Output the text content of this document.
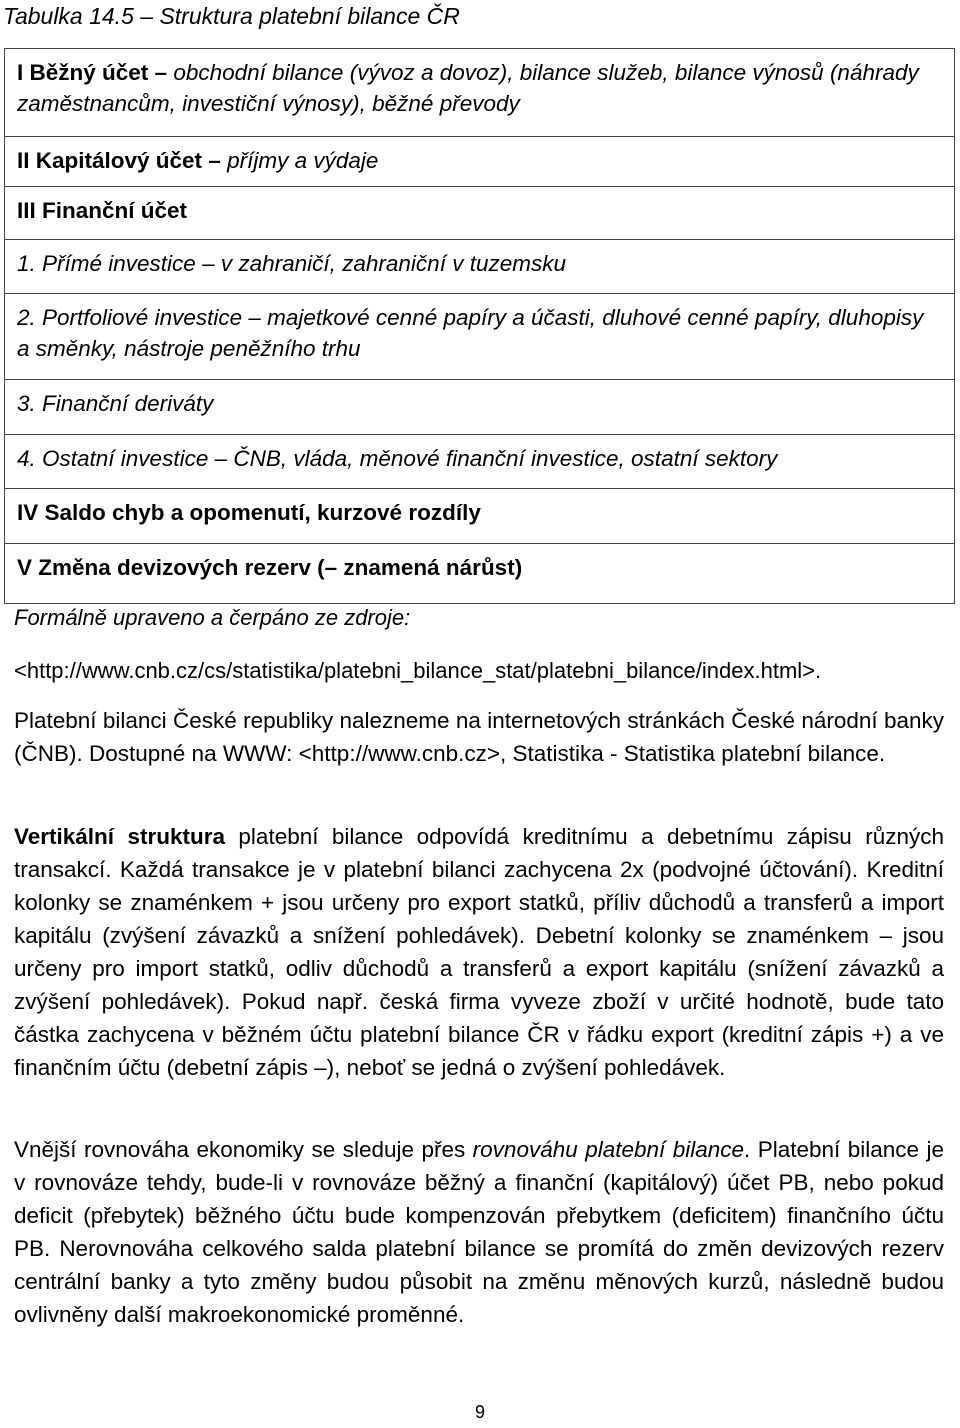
Tabulka 14.5 – Struktura platební bilance ČR
I Běžný účet – obchodní bilance (vývoz a dovoz), bilance služeb, bilance výnosů (náhrady zaměstnancům, investiční výnosy), běžné převody
II Kapitálový účet – příjmy a výdaje
III Finanční účet
1. Přímé investice – v zahraničí, zahraniční v tuzemsku
2. Portfoliové investice – majetkové cenné papíry a účasti, dluhové cenné papíry, dluhopisy a směnky, nástroje peněžního trhu
3. Finanční deriváty
4. Ostatní investice – ČNB, vláda, měnové finanční investice, ostatní sektory
IV Saldo chyb a opomenutí, kurzové rozdíly
V Změna devizových rezerv (– znamená nárůst)
Formálně upraveno a čerpáno ze zdroje:
<http://www.cnb.cz/cs/statistika/platebni_bilance_stat/platebni_bilance/index.html>.
Platební bilanci České republiky nalezneme na internetových stránkách České národní banky (ČNB). Dostupné na WWW: <http://www.cnb.cz>, Statistika - Statistika platební bilance.
Vertikální struktura platební bilance odpovídá kreditnímu a debetnímu zápisu různých transakcí. Každá transakce je v platební bilanci zachycena 2x (podvojné účtování). Kreditní kolonky se znaménkem + jsou určeny pro export statků, příliv důchodů a transferů a import kapitálu (zvýšení závazků a snížení pohledávek). Debetní kolonky se znaménkem – jsou určeny pro import statků, odliv důchodů a transferů a export kapitálu (snížení závazků a zvýšení pohledávek). Pokud např. česká firma vyveze zboží v určité hodnotě, bude tato částka zachycena v běžném účtu platební bilance ČR v řádku export (kreditní zápis +) a ve finančním účtu (debetní zápis –), neboť se jedná o zvýšení pohledávek.
Vnější rovnováha ekonomiky se sleduje přes rovnováhu platební bilance. Platební bilance je v rovnováze tehdy, bude-li v rovnováze běžný a finanční (kapitálový) účet PB, nebo pokud deficit (přebytek) běžného účtu bude kompenzován přebytkem (deficitem) finančního účtu PB. Nerovnováha celkového salda platební bilance se promítá do změn devizových rezerv centrální banky a tyto změny budou působit na změnu měnových kurzů, následně budou ovlivněny další makroekonomické proměnné.
9
